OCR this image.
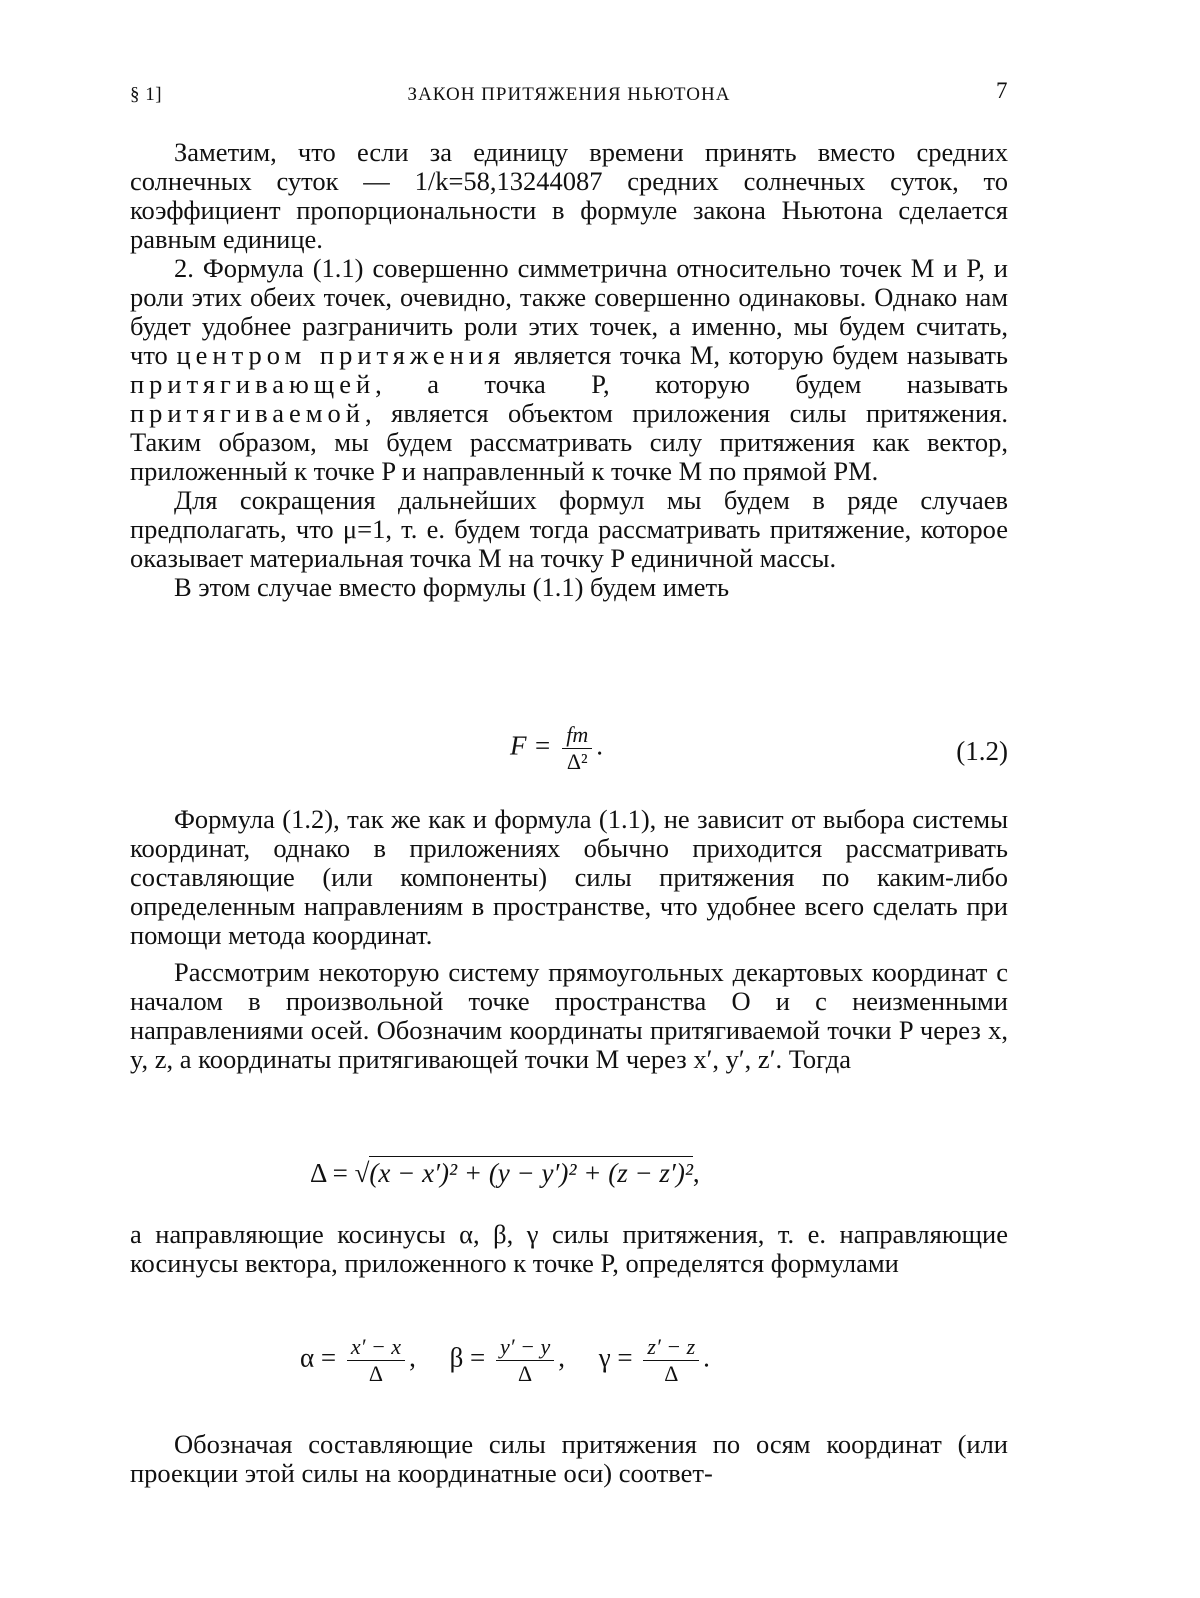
§ 1]	ЗАКОН ПРИТЯЖЕНИЯ НЬЮТОНА	7

Заметим, что если за единицу времени принять вместо средних солнечных суток — 1/k=58,13244087 средних солнечных суток, то коэффициент пропорциональности в формуле закона Ньютона сделается равным единице.

2. Формула (1.1) совершенно симметрична относительно точек M и P, и роли этих обеих точек, очевидно, также совершенно одинаковы. Однако нам будет удобнее разграничить роли этих точек, а именно, мы будем считать, что центром притяжения является точка M, которую будем называть притягивающей, а точка P, которую будем называть притягиваемой, является объектом приложения силы притяжения. Таким образом, мы будем рассматривать силу притяжения как вектор, приложенный к точке P и направленный к точке M по прямой PM.

Для сокращения дальнейших формул мы будем в ряде случаев предполагать, что μ=1, т. е. будем тогда рассматривать притяжение, которое оказывает материальная точка M на точку P единичной массы.

В этом случае вместо формулы (1.1) будем иметь

$F = \frac{fm}{\text{Δ²}}$ .	(1.2)

Формула (1.2), так же как и формула (1.1), не зависит от выбора системы координат, однако в приложениях обычно приходится рассматривать составляющие (или компоненты) силы притяжения по каким-либо определенным направлениям в пространстве, что удобнее всего сделать при помощи метода координат.

Рассмотрим некоторую систему прямоугольных декартовых координат с началом в произвольной точке пространства O и с неизменными направлениями осей. Обозначим координаты притягиваемой точки P через x, y, z, а координаты притягивающей точки M через x′, y′, z′. Тогда

Δ = √(x − x′)² + (y − y′)² + (z − z′)²,

а направляющие косинусы α, β, γ силы притяжения, т. е. направляющие косинусы вектора, приложенного к точке P, определятся формулами

$\alpha = \frac{x' - x}{\Delta}$ , $\beta = \frac{y' - y}{\Delta}$ , $\gamma = \frac{z' - z}{\Delta}$ .

Обозначая составляющие силы притяжения по осям координат (или проекции этой силы на координатные оси) соответ-
